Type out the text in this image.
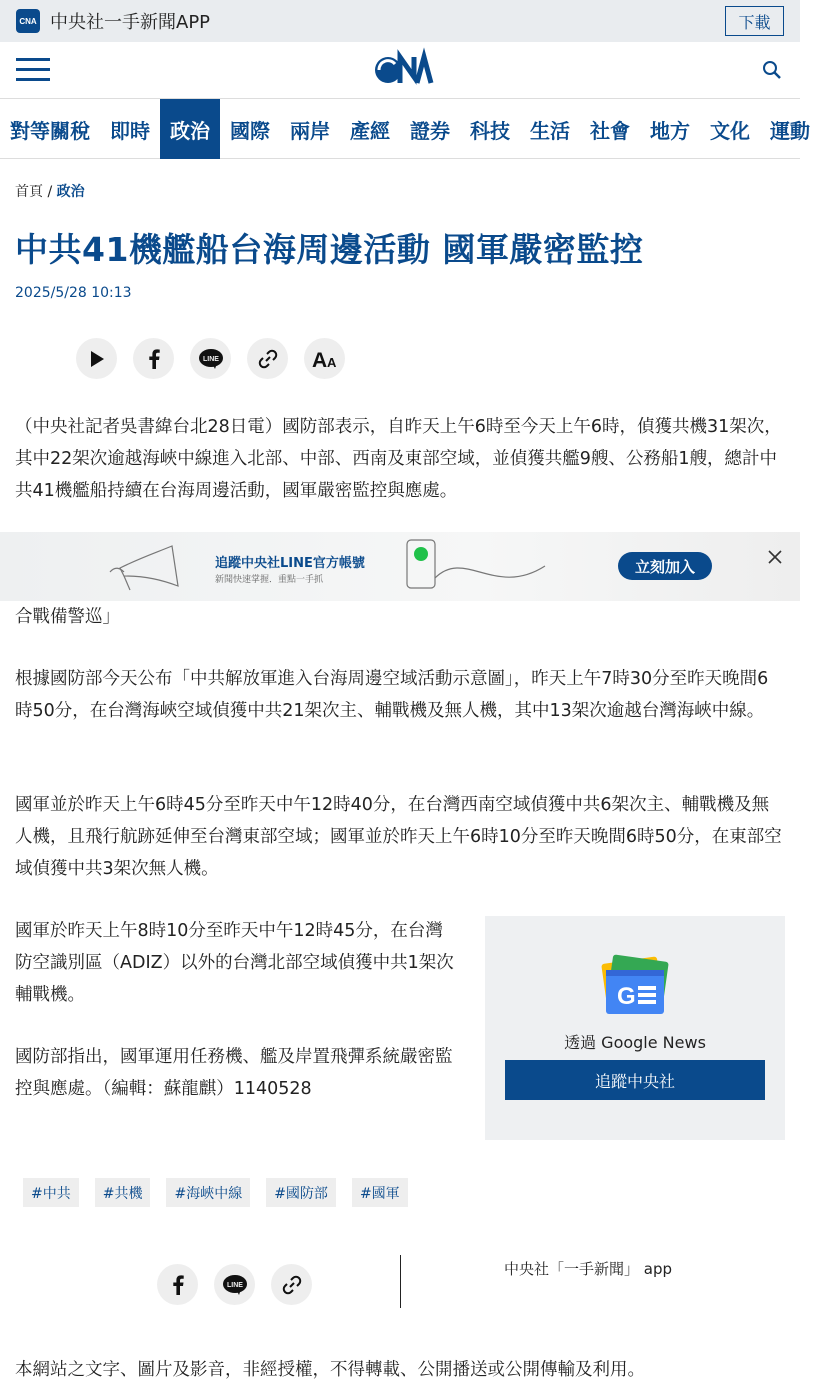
CNA 中央社一手新聞APP	下載
對等關稅	即時	政治	國際	兩岸	產經	證券	科技	生活	社會	地方	文化	運動
首頁 / 政治
中共41機艦船台海周邊活動 國軍嚴密監控
2025/5/28 10:13
LINE	A A
（中央社記者吳書緯台北28日電）國防部表示，自昨天上午6時至今天上午6時，偵獲共機31架次，其中22架次逾越海峽中線進入北部、中部、西南及東部空域，並偵獲共艦9艘、公務船1艘，總計中共41機艦船持續在台海周邊活動，國軍嚴密監控與應處。
追蹤中央社LINE官方帳號
新聞快速掌握．重點一手抓
立刻加入
合戰備警巡」
根據國防部今天公布「中共解放軍進入台海周邊空域活動示意圖」，昨天上午7時30分至昨天晚間6時50分，在台灣海峽空域偵獲中共21架次主、輔戰機及無人機，其中13架次逾越台灣海峽中線。
國軍並於昨天上午6時45分至昨天中午12時40分，在台灣西南空域偵獲中共6架次主、輔戰機及無人機，且飛行航跡延伸至台灣東部空域；國軍並於昨天上午6時10分至昨天晚間6時50分，在東部空域偵獲中共3架次無人機。
國軍於昨天上午8時10分至昨天中午12時45分，在台灣防空識別區（ADIZ）以外的台灣北部空域偵獲中共1架次輔戰機。
國防部指出，國軍運用任務機、艦及岸置飛彈系統嚴密監控與應處。（編輯：蘇龍麒）1140528
G
透過 Google News
追蹤中央社
#中共	#共機	#海峽中線	#國防部	#國軍
LINE
中央社「一手新聞」 app
本網站之文字、圖片及影音，非經授權，不得轉載、公開播送或公開傳輸及利用。
